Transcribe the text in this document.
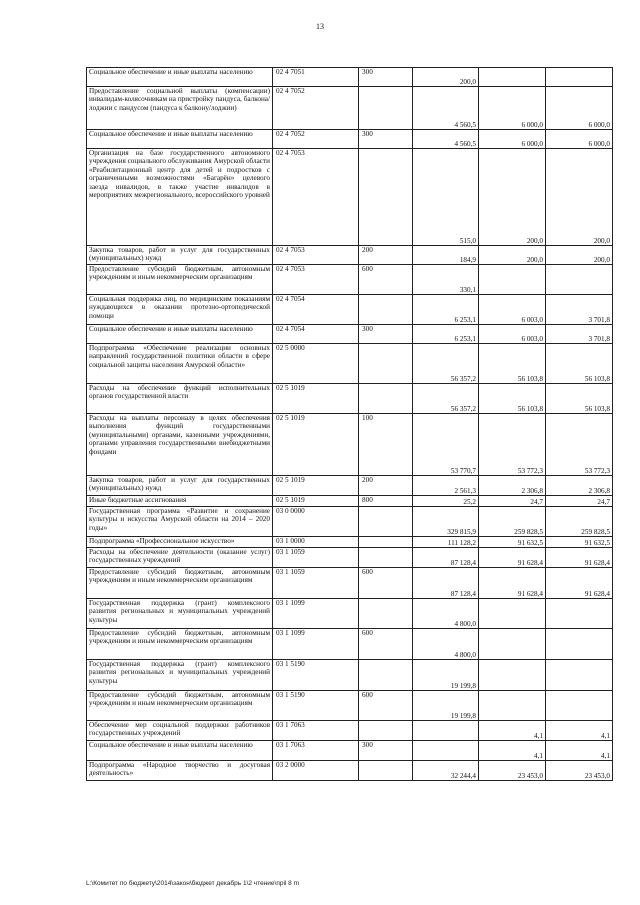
13
Социальное обеспечение и иные выплаты населению	02 4 7051	300	200,0		
Предоставление социальной выплаты (компенсации) инвалидам-колясочникам на пристройку пандуса, балкона/лоджии с пандусом (пандуса к балкону/лоджии)	02 4 7052		4 560,5	6 000,0	6 000,0
Социальное обеспечение и иные выплаты населению	02 4 7052	300	4 560,5	6 000,0	6 000,0
Организация на базе государственного автономного учреждения социального обслуживания Амурской области «Реабилитационный центр для детей и подростков с ограниченными возможностями «Багарён» целевого заезда инвалидов, в также участие инвалидов в мероприятиях межрегионального, всероссийского уровней	02 4 7053		515,0	200,0	200,0
Закупка товаров, работ и услуг для государственных (муниципальных) нужд	02 4 7053	200	184,9	200,0	200,0
Предоставление субсидий бюджетным, автономным учреждениям и иным некоммерческим организациям	02 4 7053	600	330,1		
Социальная поддержка лиц, по медицинским показаниям нуждающихся в оказании протезно-ортопедической помощи	02 4 7054		6 253,1	6 003,0	3 701,8
Социальное обеспечение и иные выплаты населению	02 4 7054	300	6 253,1	6 003,0	3 701,8
Подпрограмма «Обеспечение реализации основных направлений государственной политики области в сфере социальной защиты населения Амурской области»	02 5 0000		56 357,2	56 103,8	56 103,8
Расходы на обеспечение функций исполнительных органов государственной власти	02 5 1019		56 357,2	56 103,8	56 103,8
Расходы на выплаты персоналу в целях обеспечения выполнения функций государственными (муниципальными) органами, казенными учреждениями, органами управления государственными внебюджетными фондами	02 5 1019	100	53 770,7	53 772,3	53 772,3
Закупка товаров, работ и услуг для государственных (муниципальных) нужд	02 5 1019	200	2 561,3	2 306,8	2 306,8
Иные бюджетные ассигнования	02 5 1019	800	25,2	24,7	24,7
Государственная программа «Развитие и сохранение культуры и искусства Амурской области на 2014 – 2020 годы»	03 0 0000		329 815,9	259 828,5	259 828,5
Подпрограмма «Профессиональное искусство»	03 1 0000		111 128,2	91 632,5	91 632,5
Расходы на обеспечение деятельности (оказание услуг) государственных учреждений	03 1 1059		87 128,4	91 628,4	91 628,4
Предоставление субсидий бюджетным, автономным учреждениям и иным некоммерческим организациям	03 1 1059	600	87 128,4	91 628,4	91 628,4
Государственная поддержка (грант) комплексного развития региональных и муниципальных учреждений культуры	03 1 1099		4 800,0		
Предоставление субсидий бюджетным, автономным учреждениям и иным некоммерческим организациям	03 1 1099	600	4 800,0		
Государственная поддержка (грант) комплексного развития региональных и муниципальных учреждений культуры	03 1 5190		19 199,8		
Предоставление субсидий бюджетным, автономным учреждениям и иным некоммерческим организациям	03 1 5190	600	19 199,8		
Обеспечение мер социальной поддержки работников государственных учреждений	03 1 7063			4,1	4,1
Социальное обеспечение и иные выплаты населению	03 1 7063	300		4,1	4,1
Подпрограмма «Народное творчество и досуговая деятельность»	03 2 0000		32 244,4	23 453,0	23 453,0
L:\Комитет по бюджету\2014\закон\бюджет декабрь 1\2 чтение\прil 8 m
